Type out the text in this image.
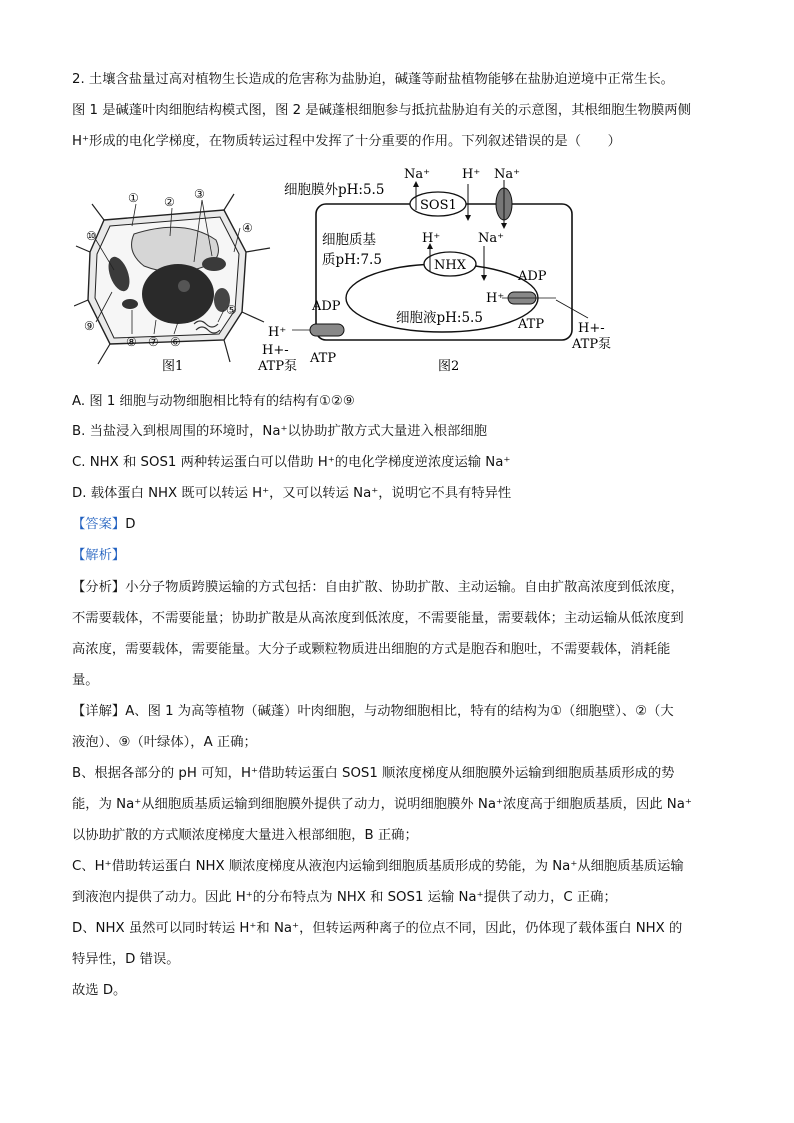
2. 土壤含盐量过高对植物生长造成的危害称为盐胁迫，碱蓬等耐盐植物能够在盐胁迫逆境中正常生长。
图 1 是碱蓬叶肉细胞结构模式图，图 2 是碱蓬根细胞参与抵抗盐胁迫有关的示意图，其根细胞生物膜两侧
H⁺形成的电化学梯度，在物质转运过程中发挥了十分重要的作用。下列叙述错误的是（　　）
① ②
③
④
⑤
⑥
⑦
⑧
⑨
⑩
图1
SOS1
Na⁺ H⁺ Na⁺
细胞膜外pH:5.5
细胞质基
质pH:7.5
细胞液pH:5.5
NHX
H⁺	Na⁺
ADP
H⁺
ATP	H+-
ATP泵
ADP
H⁺
H+-
ATP泵
ATP
图2
A. 图 1 细胞与动物细胞相比特有的结构有①②⑨
B. 当盐浸入到根周围的环境时，Na⁺以协助扩散方式大量进入根部细胞
C. NHX 和 SOS1 两种转运蛋白可以借助 H⁺的电化学梯度逆浓度运输 Na⁺
D. 载体蛋白 NHX 既可以转运 H⁺，又可以转运 Na⁺，说明它不具有特异性
【答案】D
【解析】
【分析】小分子物质跨膜运输的方式包括：自由扩散、协助扩散、主动运输。自由扩散高浓度到低浓度，
不需要载体，不需要能量；协助扩散是从高浓度到低浓度，不需要能量，需要载体；主动运输从低浓度到
高浓度，需要载体，需要能量。大分子或颗粒物质进出细胞的方式是胞吞和胞吐，不需要载体，消耗能
量。
【详解】A、图 1 为高等植物（碱蓬）叶肉细胞，与动物细胞相比，特有的结构为①（细胞壁）、②（大
液泡）、⑨（叶绿体），A 正确；
B、根据各部分的 pH 可知，H⁺借助转运蛋白 SOS1 顺浓度梯度从细胞膜外运输到细胞质基质形成的势
能，为 Na⁺从细胞质基质运输到细胞膜外提供了动力，说明细胞膜外 Na⁺浓度高于细胞质基质，因此 Na⁺
以协助扩散的方式顺浓度梯度大量进入根部细胞，B 正确；
C、H⁺借助转运蛋白 NHX 顺浓度梯度从液泡内运输到细胞质基质形成的势能，为 Na⁺从细胞质基质运输
到液泡内提供了动力。因此 H⁺的分布特点为 NHX 和 SOS1 运输 Na⁺提供了动力，C 正确；
D、NHX 虽然可以同时转运 H⁺和 Na⁺，但转运两种离子的位点不同，因此，仍体现了载体蛋白 NHX 的
特异性，D 错误。
故选 D。
